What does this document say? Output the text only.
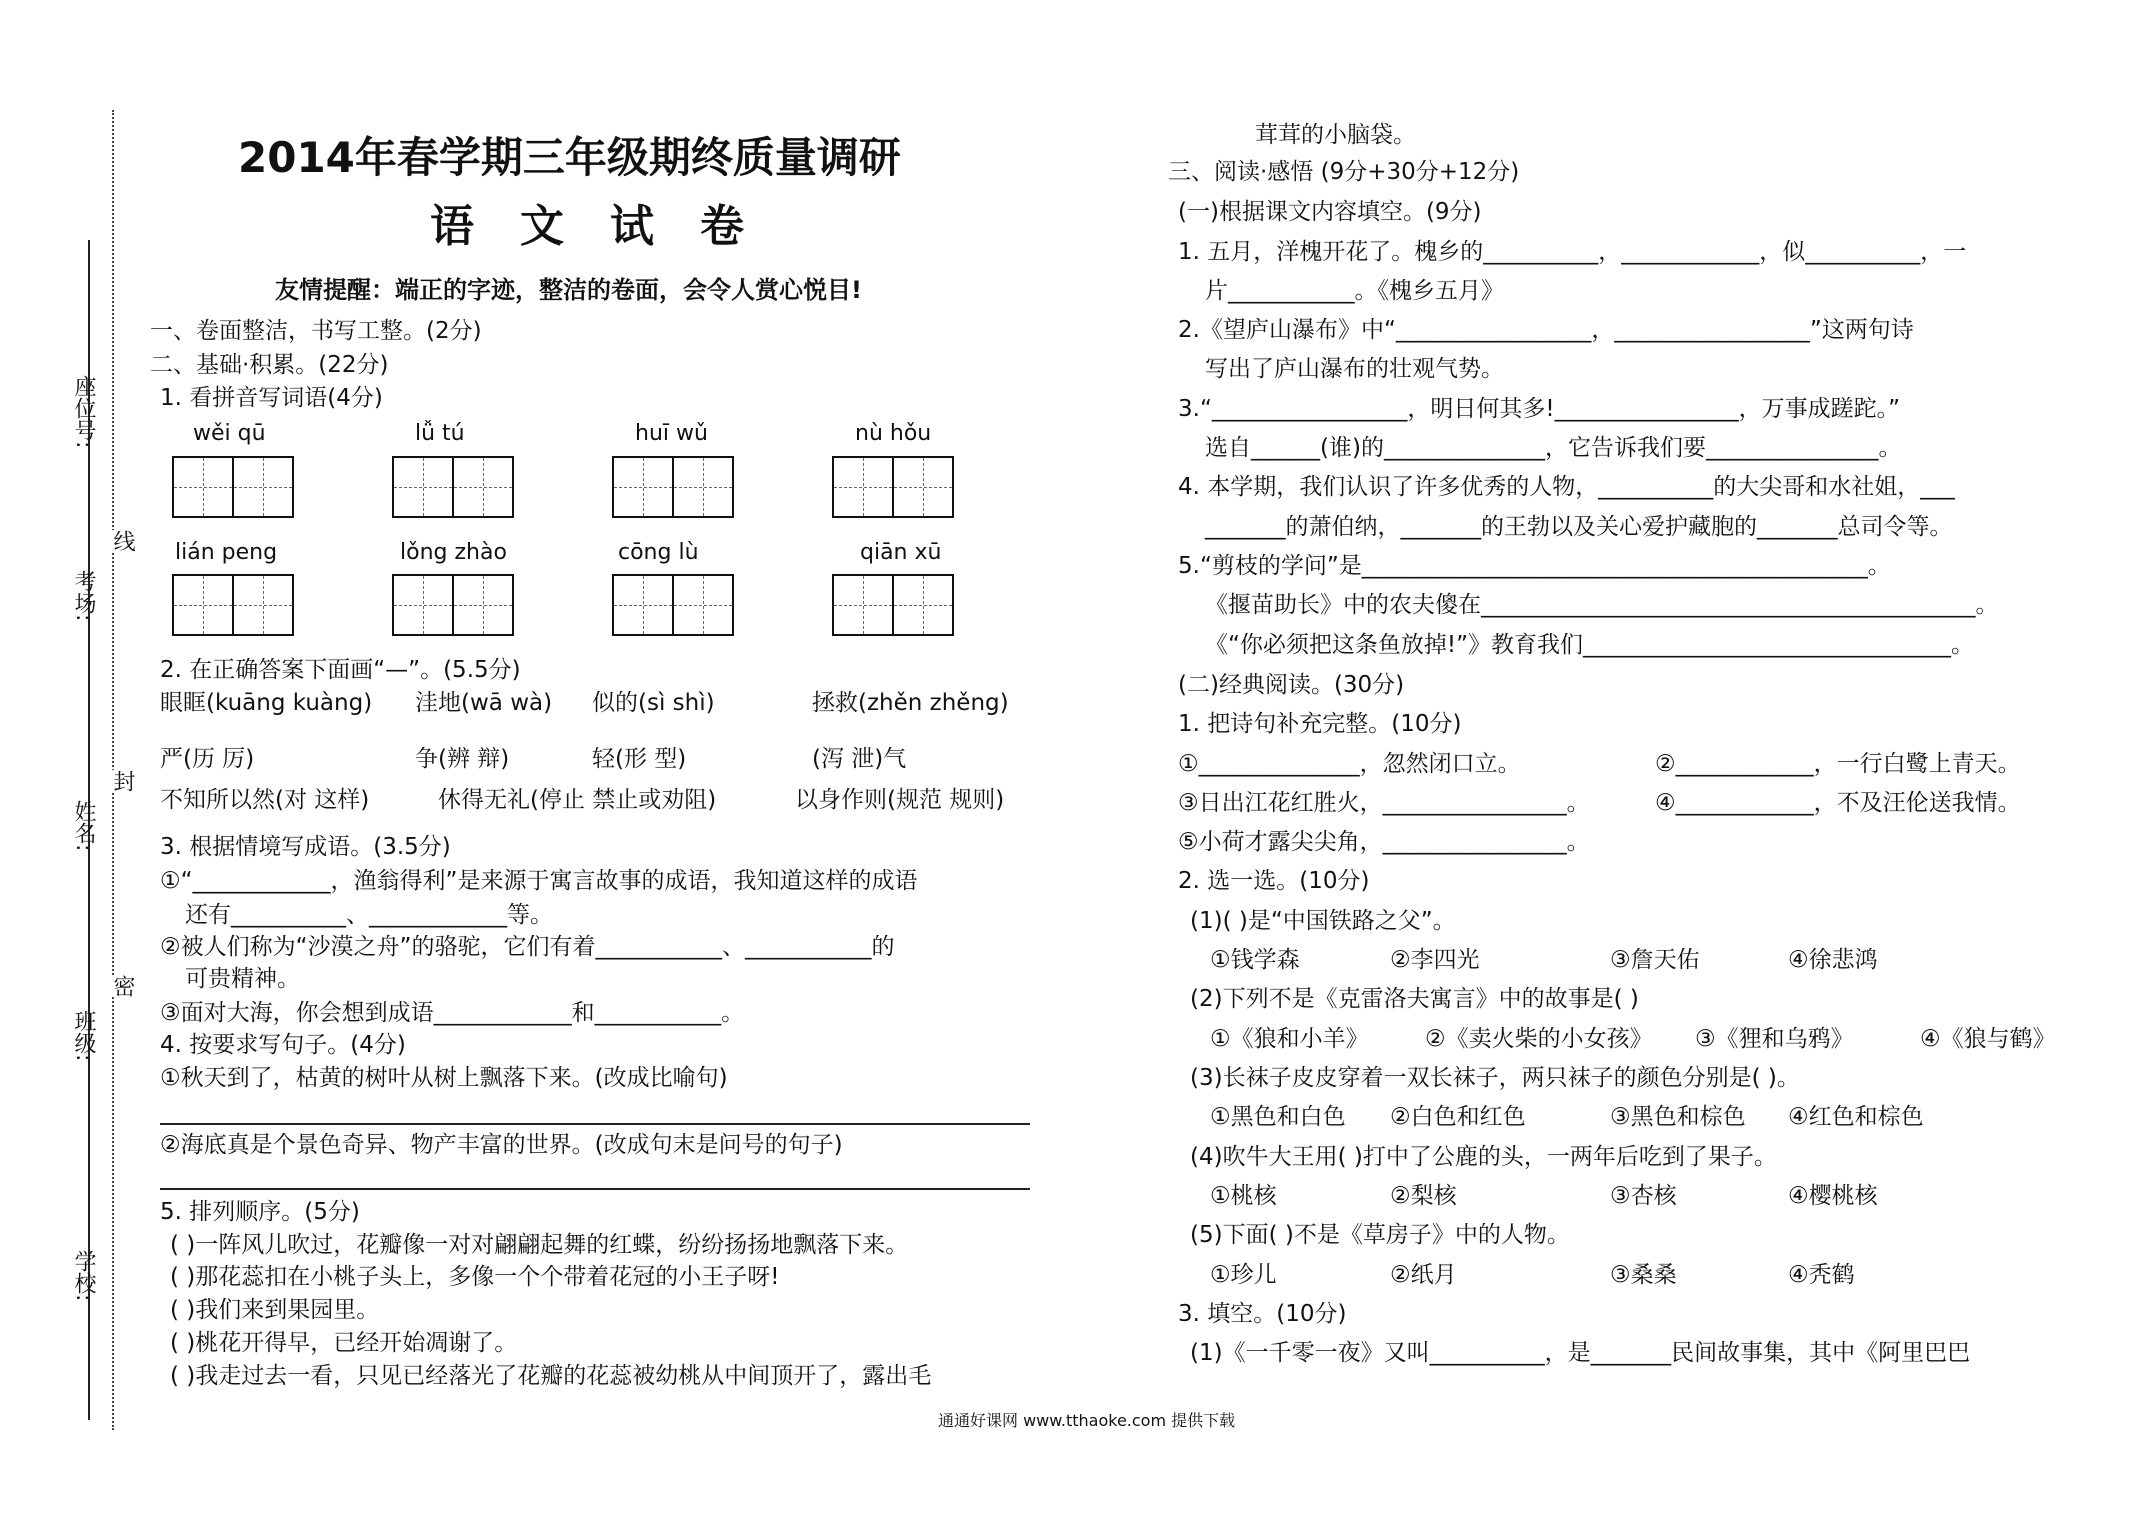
座位号:
考场:
姓名:
班级:
学校:
线
封
密
2014年春学期三年级期终质量调研
语文试卷
友情提醒：端正的字迹，整洁的卷面，会令人赏心悦目!
一、卷面整洁，书写工整。(2分)
二、基础·积累。(22分)
1. 看拼音写词语(4分)
wěi qū	lǚ tú	huī wǔ	nù hǒu
lián peng	lǒng zhào	cōng lù	qiān xū
2. 在正确答案下面画“—”。(5.5分)
眼眶(kuāng kuàng) 洼地(wā wà) 似的(sì shì)	拯救(zhěn zhěng)
严(历 厉)	争(辨 辩)	轻(形 型)	(泻 泄)气
不知所以然(对 这样)	休得无礼(停止 禁止或劝阻)	以身作则(规范 规则)
3. 根据情境写成语。(3.5分)
①“____________，渔翁得利”是来源于寓言故事的成语，我知道这样的成语
还有__________、____________等。
②被人们称为“沙漠之舟”的骆驼，它们有着___________、___________的
可贵精神。
③面对大海，你会想到成语____________和___________。
4. 按要求写句子。(4分)
①秋天到了，枯黄的树叶从树上飘落下来。(改成比喻句)
②海底真是个景色奇异、物产丰富的世界。(改成句末是问号的句子)
5. 排列顺序。(5分)
( )一阵风儿吹过，花瓣像一对对翩翩起舞的红蝶，纷纷扬扬地飘落下来。
( )那花蕊扣在小桃子头上，多像一个个带着花冠的小王子呀!
( )我们来到果园里。
( )桃花开得早，已经开始凋谢了。
( )我走过去一看，只见已经落光了花瓣的花蕊被幼桃从中间顶开了，露出毛
茸茸的小脑袋。
三、阅读·感悟 (9分+30分+12分)
(一)根据课文内容填空。(9分)
1. 五月，洋槐开花了。槐乡的__________，____________，似__________，一
片___________。《槐乡五月》
2.《望庐山瀑布》中“_________________，_________________”这两句诗
写出了庐山瀑布的壮观气势。
3.“_________________，明日何其多!________________，万事成蹉跎。”
选自______(谁)的______________，它告诉我们要_______________。
4. 本学期，我们认识了许多优秀的人物，__________的大尖哥和水社姐，___
_______的萧伯纳，_______的王勃以及关心爱护藏胞的_______总司令等。
5.“剪枝的学问”是____________________________________________。
《揠苗助长》中的农夫傻在___________________________________________。
《“你必须把这条鱼放掉!”》教育我们________________________________。
(二)经典阅读。(30分)
1. 把诗句补充完整。(10分)
①______________，忽然闭口立。	②____________，一行白鹭上青天。
③日出江花红胜火，________________。	④____________，不及汪伦送我情。
⑤小荷才露尖尖角，________________。
2. 选一选。(10分)
(1)( )是“中国铁路之父”。
①钱学森	②李四光	③詹天佑	④徐悲鸿
(2)下列不是《克雷洛夫寓言》中的故事是( )
①《狼和小羊》 ②《卖火柴的小女孩》 ③《狸和乌鸦》	④《狼与鹤》
(3)长袜子皮皮穿着一双长袜子，两只袜子的颜色分别是( )。
①黑色和白色 ②白色和红色	③黑色和棕色 ④红色和棕色
(4)吹牛大王用( )打中了公鹿的头，一两年后吃到了果子。
①桃核	②梨核	③杏核	④樱桃核
(5)下面( )不是《草房子》中的人物。
①珍儿	②纸月	③桑桑	④秃鹤
3. 填空。(10分)
(1)《一千零一夜》又叫__________，是_______民间故事集，其中《阿里巴巴
通通好课网 www.tthaoke.com 提供下载
